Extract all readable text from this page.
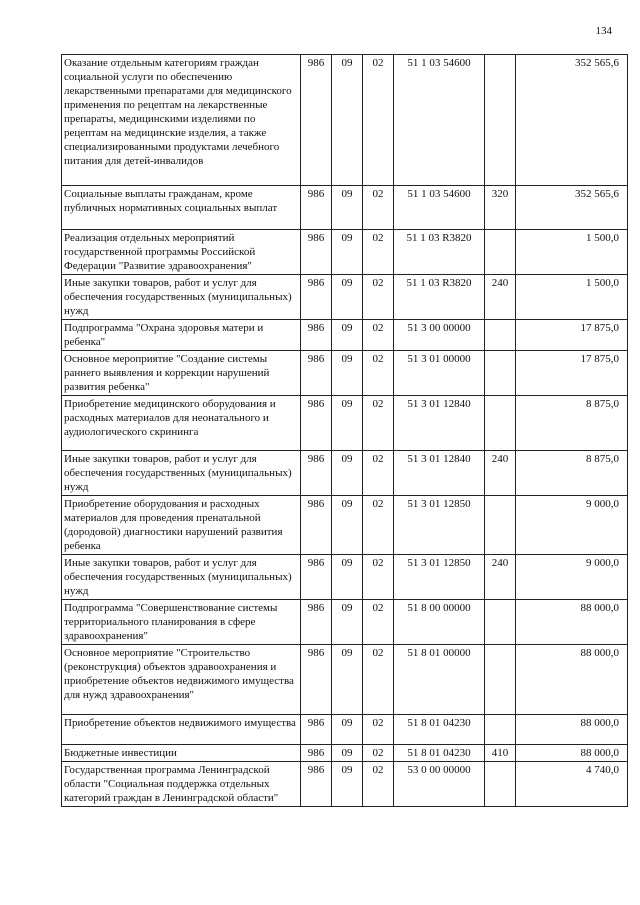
134
Оказание отдельным категориям граждан социальной услуги по обеспечению лекарственными препаратами для медицинского применения по рецептам на лекарственные препараты, медицинскими изделиями по рецептам на медицинские изделия, а также специализированными продуктами лечебного питания для детей-инвалидов	986	09	02	51 1 03 54600		352 565,6
Социальные выплаты гражданам, кроме публичных нормативных социальных выплат	986	09	02	51 1 03 54600	320	352 565,6
Реализация отдельных мероприятий государственной программы Российской Федерации "Развитие здравоохранения"	986	09	02	51 1 03 R3820		1 500,0
Иные закупки товаров, работ и услуг для обеспечения государственных (муниципальных) нужд	986	09	02	51 1 03 R3820	240	1 500,0
Подпрограмма "Охрана здоровья матери и ребенка"	986	09	02	51 3 00 00000		17 875,0
Основное мероприятие "Создание системы раннего выявления и коррекции нарушений развития ребенка"	986	09	02	51 3 01 00000		17 875,0
Приобретение медицинского оборудования и расходных материалов для неонатального и аудиологического скрининга	986	09	02	51 3 01 12840		8 875,0
Иные закупки товаров, работ и услуг для обеспечения государственных (муниципальных) нужд	986	09	02	51 3 01 12840	240	8 875,0
Приобретение оборудования и расходных материалов для проведения пренатальной (дородовой) диагностики нарушений развития ребенка	986	09	02	51 3 01 12850		9 000,0
Иные закупки товаров, работ и услуг для обеспечения государственных (муниципальных) нужд	986	09	02	51 3 01 12850	240	9 000,0
Подпрограмма "Совершенствование системы территориального планирования в сфере здравоохранения"	986	09	02	51 8 00 00000		88 000,0
Основное мероприятие "Строительство (реконструкция) объектов здравоохранения и приобретение объектов недвижимого имущества для нужд здравоохранения"	986	09	02	51 8 01 00000		88 000,0
Приобретение объектов недвижимого имущества	986	09	02	51 8 01 04230		88 000,0
Бюджетные инвестиции	986	09	02	51 8 01 04230	410	88 000,0
Государственная программа Ленинградской области "Социальная поддержка отдельных категорий граждан в Ленинградской области"	986	09	02	53 0 00 00000		4 740,0
